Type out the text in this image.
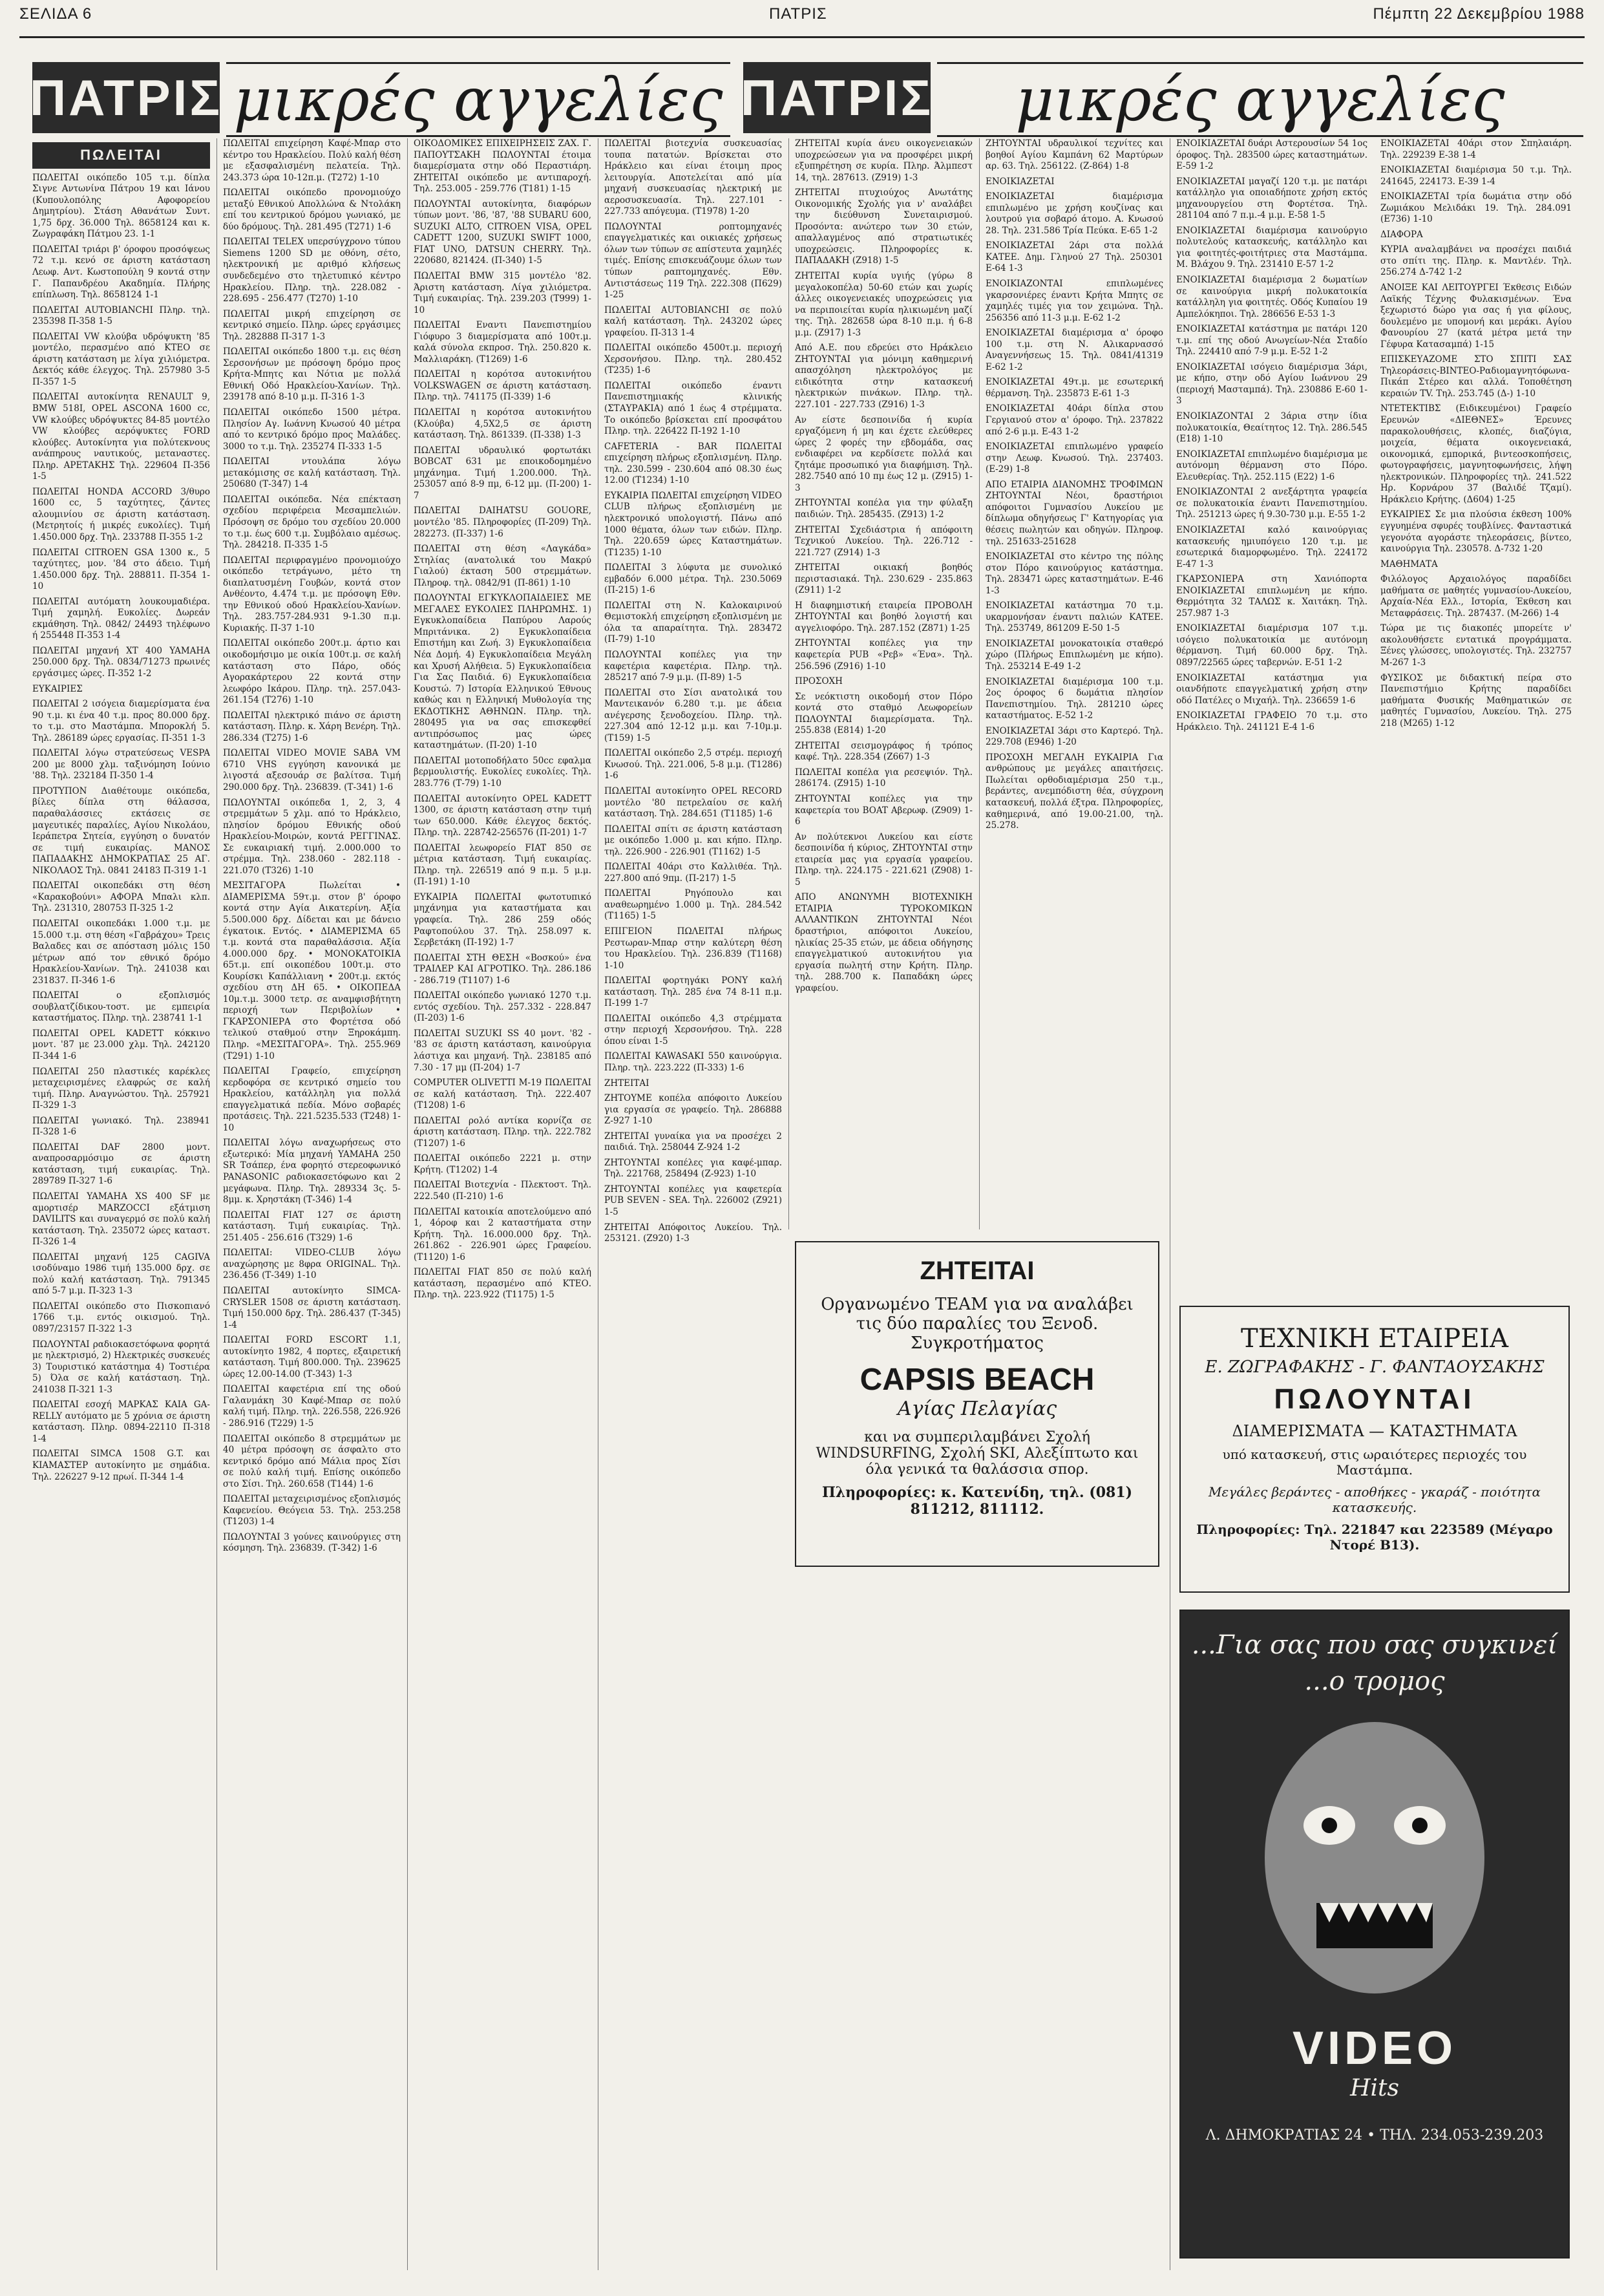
ΣΕΛΙΔΑ 6	ΠΑΤΡΙΣ	Πέμπτη 22 Δεκεμβρίου 1988
ΠΑΤΡΙΣ μικρές αγγελίες ΠΑΤΡΙΣ	μικρές αγγελίες
ΠΩΛΕΙΤΑΙ

ΠΩΛΕΙΤΑΙ οικόπεδο 105 τ.μ. δίπλα Σιγνε Αντωνίνα Πάτρου 19 και Ιάνου (Κυπουλοπόλης Αφοφορείου Δημητρίου). Στάση Αθανάτων Συντ. 1,75 δρχ. 36.000 Τηλ. 8658124 και κ. Ζωγραφάκη Πάτμου 23. 1-1

ΠΩΛΕΙΤΑΙ τριάρι β' όροφου προσόψεως 72 τ.μ. κενό σε άριστη κατάσταση Λεωφ. Αντ. Κωστοπούλη 9 κοντά στην Γ. Παπανδρέου Ακαδημία. Πλήρης επίπλωση. Τηλ. 8658124 1-1

ΠΩΛΕΙΤΑΙ AUTOBIANCHI Πληρ. τηλ. 235398 Π-358 1-5

ΠΩΛΕΙΤΑΙ VW κλούβα υδρόψυκτη '85 μοντέλο, περασμένο από ΚΤΕΟ σε άριστη κατάσταση με λίγα χιλιόμετρα. Δεκτός κάθε έλεγχος. Τηλ. 257980 3-5 Π-357 1-5

ΠΩΛΕΙΤΑΙ αυτοκίνητα RENAULT 9, BMW 518I, OPEL ASCONA 1600 cc, VW κλούβες υδρόψυκτες 84-85 μοντέλο VW κλούβες αερόψυκτες FORD κλούβες. Αυτοκίνητα για πολύτεκνους ανάπηρους ναυτικούς, μεταναστες. Πληρ. ΑΡΕΤΑΚΗΣ Τηλ. 229604 Π-356 1-5

ΠΩΛΕΙΤΑΙ HONDA ACCORD 3/θυρο 1600 cc, 5 ταχύτητες, ζάντες αλουμινίου σε άριστη κατάσταση. (Μετρητοίς ή μικρές ευκολίες). Τιμή 1.450.000 δρχ. Τηλ. 233788 Π-355 1-2

ΠΩΛΕΙΤΑΙ CITROEN GSA 1300 κ., 5 ταχύτητες, μον. '84 στο άδειο. Τιμή 1.450.000 δρχ. Τηλ. 288811. Π-354 1-10

ΠΩΛΕΙΤΑΙ αυτόματη λουκουμαδιέρα. Τιμή χαμηλή. Ευκολίες. Δωρεάν εκμάθηση. Τηλ. 0842/ 24493 τηλέφωνο ή 255448 Π-353 1-4

ΠΩΛΕΙΤΑΙ μηχανή XT 400 YAMAHA 250.000 δρχ. Τηλ. 0834/71273 πρωινές εργάσιμες ώρες. Π-352 1-2

ΕΥΚΑΙΡΙΕΣ

ΠΩΛΕΙΤΑΙ 2 ισόγεια διαμερίσματα ένα 90 τ.μ. κι ένα 40 τ.μ. προς 80.000 δρχ. το τ.μ. στο Μαστάμπα. Μποροκλή 5. Τηλ. 286189 ώρες εργασίας. Π-351 1-3

ΠΩΛΕΙΤΑΙ λόγω στρατεύσεως VESPA 200 με 8000 χλμ. ταξινόμηση Ιούνιο '88. Τηλ. 232184 Π-350 1-4

ΠΡΟΤΥΠΟΝ Διαθέτουμε οικόπεδα, βίλες δίπλα στη θάλασσα, παραθαλάσσιες εκτάσεις σε μαγευτικές παραλίες, Αγίου Νικολάου, Ιεράπετρα Σητεία, εγγύηση ο δυνατόν σε τιμή ευκαιρίας. ΜΑΝΟΣ ΠΑΠΑΔΑΚΗΣ ΔΗΜΟΚΡΑΤΙΑΣ 25 ΑΓ. ΝΙΚΟΛΑΟΣ Τηλ. 0841 24183 Π-319 1-1

ΠΩΛΕΙΤΑΙ οικοπεδάκι στη θέση «Καρακοβούνι» ΑΦΟΡΑ Μπαλι κλπ. Τηλ. 231310, 280753 Π-325 1-2

ΠΩΛΕΙΤΑΙ οικοπεδάκι 1.000 τ.μ. με 15.000 τ.μ. στη θέση «Γαβράχου» Τρεις Βαλαδες και σε απόσταση μόλις 150 μέτρων από τον εθνικό δρόμο Ηρακλείου-Χανίων. Τηλ. 241038 και 231837. Π-346 1-6

ΠΩΛΕΙΤΑΙ o εξοπλισμός σουβλατζίδικου-τοστ. με εμπειρία καταστήματος. Πληρ. τηλ. 238741 1-1

ΠΩΛΕΙΤΑΙ OPEL KADETT κόκκινο μοντ. '87 με 23.000 χλμ. Τηλ. 242120 Π-344 1-6

ΠΩΛΕΙΤΑΙ 250 πλαστικές καρέκλες μεταχειρισμένες ελαφρώς σε καλή τιμή. Πληρ. Αναγνώστου. Τηλ. 257921 Π-329 1-3

ΠΩΛΕΙΤΑΙ γωνιακό. Τηλ. 238941 Π-328 1-6

ΠΩΛΕΙΤΑΙ DAF 2800 μοντ. αναπροσαρμόσιμο σε άριστη κατάσταση, τιμή ευκαιρίας. Τηλ. 289789 Π-327 1-6

ΠΩΛΕΙΤΑΙ YAMAHA XS 400 SF με αμορτισέρ MARZOCCI εξάτμιση DAVILITS και συναγερμό σε πολύ καλή κατάσταση. Τηλ. 235072 ώρες καταστ. Π-326 1-4

ΠΩΛΕΙΤΑΙ μηχανή 125 CAGIVA ισοδύναμο 1986 τιμή 135.000 δρχ. σε πολύ καλή κατάσταση. Τηλ. 791345 από 5-7 μ.μ. Π-323 1-3

ΠΩΛΕΙΤΑΙ οικόπεδο στο Πισκοπιανό 1766 τ.μ. εντός οικισμού. Τηλ. 0897/23157 Π-322 1-3

ΠΩΛΟΥΝΤΑΙ ραδιοκασετόφωνα φορητά με ηλεκτρισμό, 2) Ηλεκτρικές συσκευές 3) Τουριστικό κατάστημα 4) Τοστιέρα 5) Όλα σε καλή κατάσταση. Τηλ. 241038 Π-321 1-3

ΠΩΛΕΙΤΑΙ εσοχή ΜΑΡΚΑΣ ΚΑΙΑ GA-RELLY αυτόματο με 5 χρόνια σε άριστη κατάσταση. Πληρ. 0894-22110 Π-318 1-4

ΠΩΛΕΙΤΑΙ SIMCA 1508 G.T. και ΚΙΑΜΑΣΤΕΡ αυτοκίνητο με σημάδια. Τηλ. 226227 9-12 πρωί. Π-344 1-4

ΠΩΛΕΙΤΑΙ επιχείρηση Καφέ-Μπαρ στο κέντρο του Ηρακλείου. Πολύ καλή θέση με εξασφαλισμένη πελατεία. Τηλ. 243.373 ώρα 10-12π.μ. (Τ272) 1-10

ΠΩΛΕΙΤΑΙ οικόπεδο προνομιούχο μεταξύ Εθνικού Απολλώνα & Ντολάκη επί του κεντρικού δρόμου γωνιακό, με δύο δρόμους. Τηλ. 281.495 (Τ271) 1-6

ΠΩΛΕΙΤΑΙ TELEX υπερσύγχρονο τύπου Siemens 1200 SD με οθόνη, σέτο, ηλεκτρονική με αριθμό κλήσεως συνδεδεμένο στο τηλετυπικό κέντρο Ηρακλείου. Πληρ. τηλ. 228.082 - 228.695 - 256.477 (Τ270) 1-10

ΠΩΛΕΙΤΑΙ μικρή επιχείρηση σε κεντρικό σημείο. Πληρ. ώρες εργάσιμες Τηλ. 282888 Π-317 1-3

ΠΩΛΕΙΤΑΙ οικόπεδο 1800 τ.μ. εις θέση Σερσονήσων με πρόσοψη δρόμο προς Κρήτα-Μπητς και Νότια με πολλά Εθνική Οδό Ηρακλείου-Χανίων. Τηλ. 239178 από 8-10 μ.μ. Π-316 1-3

ΠΩΛΕΙΤΑΙ οικόπεδο 1500 μέτρα. Πλησίον Αγ. Ιωάννη Κνωσού 40 μέτρα από το κεντρικό δρόμο προς Μαλάδες. 3000 το τ.μ. Τηλ. 235274 Π-333 1-5

ΠΩΛΕΙΤΑΙ ντουλάπα λόγω μετακόμισης σε καλή κατάσταση. Τηλ. 250680 (Τ-347) 1-4

ΠΩΛΕΙΤΑΙ οικόπεδα. Νέα επέκταση σχεδίου περιφέρεια Μεσαμπελιών. Πρόσοψη σε δρόμο του σχεδίου 20.000 το τ.μ. έως 600 τ.μ. Συμβόλαιο αμέσως. Τηλ. 284218. Π-335 1-5

ΠΩΛΕΙΤΑΙ περιφραγμένο προνομιούχο οικόπεδο τετράγωνο, μέτο τη διαπλατυσμένη Γουβών, κοντά στον Ανθέοντο, 4.474 τ.μ. με πρόσοψη Εθν. την Εθνικού οδού Ηρακλείου-Χανίων. Τηλ. 283.757-284.931 9-1.30 π.μ. Κυριακής. Π-37 1-10

ΠΩΛΕΙΤΑΙ οικόπεδο 200τ.μ. άρτιο και οικοδομήσιμο με οικία 100τ.μ. σε καλή κατάσταση στο Πάρο, οδός Αγορακάρτερου 22 κοντά στην λεωφόρο Ικάρου. Πληρ. τηλ. 257.043-261.154 (Τ276) 1-10

ΠΩΛΕΙΤΑΙ ηλεκτρικό πιάνο σε άριστη κατάσταση. Πληρ. κ. Χάρη Βενέρη. Τηλ. 286.334 (Τ275) 1-6

ΠΩΛΕΙΤΑΙ VIDEO MOVIE SABA VM 6710 VHS εγγύηση κανονικά με λιγοστά αξεσουάρ σε βαλίτσα. Τιμή 290.000 δρχ. Τηλ. 236839. (Τ-341) 1-6

ΠΩΛΟΥΝΤΑΙ οικόπεδα 1, 2, 3, 4 στρεμμάτων 5 χλμ. από το Ηράκλειο, πλησίον δρόμου Εθνικής οδού Ηρακλείου-Μοιρών, κοντά ΡΕΓΓΙΝΑΣ. Σε ευκαιριακή τιμή. 2.000.000 το στρέμμα. Τηλ. 238.060 - 282.118 - 221.070 (Τ326) 1-10

ΜΕΣΙΤΑΓΟΡΑ Πωλείται • ΔΙΑΜΕΡΙΣΜΑ 59τ.μ. στον β' όροφο κοντά στην Αγία Αικατερίνη. Αξία 5.500.000 δρχ. Δίδεται και με δάνειο έγκατοικ. Εντός. • ΔΙΑΜΕΡΙΣΜΑ 65 τ.μ. κοντά στα παραθαλάσσια. Αξία 4.000.000 δρχ. • ΜΟΝΟΚΑΤΟΙΚΙΑ 65τ.μ. επί οικοπέδου 100τ.μ. στο Κουρίσκι Καπάλλιανη • 200τ.μ. εκτός σχεδίου στη ΔΗ 65. • ΟΙΚΟΠΕΔΑ 10μ.τ.μ. 3000 τετρ. σε αναμφισβήτητη περιοχή των Περιβολίων • ΓΚΑΡΣΟΝΙΕΡΑ στο Φορτέτσα οδό τελικού σταθμού στην Ξηροκάμπη. Πληρ. «ΜΕΣΙΤΑΓΟΡΑ». Τηλ. 255.969 (Τ291) 1-10

ΠΩΛΕΙΤΑΙ Γραφείο, επιχείρηση κερδοφόρα σε κεντρικό σημείο του Ηρακλείου, κατάλληλη για πολλά επαγγελματικά πεδία. Μόνο σοβαρές προτάσεις. Τηλ. 221.5235.533 (Τ248) 1-10

ΠΩΛΕΙΤΑΙ λόγω αναχωρήσεως στο εξωτερικό: Μία μηχανή YAMAHA 250 SR Τσάπερ, ένα φορητό στερεοφωνικό PANASONIC ραδιοκασετόφωνο και 2 μεγάφωνα. Πληρ. Τηλ. 289334 3ς. 5-8μμ. κ. Χρηστάκη (Τ-346) 1-4

ΠΩΛΕΙΤΑΙ FIAT 127 σε άριστη κατάσταση. Τιμή ευκαιρίας. Τηλ. 251.405 - 256.616 (Τ329) 1-6

ΠΩΛΕΙΤΑΙ: VIDEO-CLUB λόγω αναχώρησης με 8φρα ORIGINAL. Τηλ. 236.456 (Τ-349) 1-10

ΠΩΛΕΙΤΑΙ αυτοκίνητο SIMCA-CRYSLER 1508 σε άριστη κατάσταση. Τιμή 150.000 δρχ. Τηλ. 286.437 (Τ-345) 1-4

ΠΩΛΕΙΤΑΙ FORD ESCORT 1.1, αυτοκίνητο 1982, 4 πορτες, εξαιρετική κατάσταση. Τιμή 800.000. Τηλ. 239625 ώρες 12.00-14.00 (Τ-343) 1-3

ΠΩΛΕΙΤΑΙ καφετέρια επί της οδού Γαλανμάκη 30 Καφέ-Μπαρ σε πολύ καλή τιμή. Πληρ. τηλ. 226.558, 226.926 - 286.916 (Τ229) 1-5

ΠΩΛΕΙΤΑΙ οικόπεδο 8 στρεμμάτων με 40 μέτρα πρόσοψη σε άσφαλτο στο κεντρικό δρόμο από Μάλια προς Σίσι σε πολύ καλή τιμή. Επίσης οικόπεδο στο Σίσι. Τηλ. 260.658 (Τ144) 1-6

ΠΩΛΕΙΤΑΙ μεταχειρισμένος εξοπλισμός Καφενείου. Θεόγεια 53. Τηλ. 253.258 (Τ1203) 1-4

ΠΩΛΟΥΝΤΑΙ 3 γούνες καινούργιες στη κόσμηση. Τηλ. 236839. (Τ-342) 1-6

ΟΙΚΟΔΟΜΙΚΕΣ ΕΠΙΧΕΙΡΗΣΕΙΣ ΖΑΧ. Γ. ΠΑΠΟΥΤΣΑΚΗ ΠΩΛΟΥΝΤΑΙ έτοιμα διαμερίσματα στην οδό Περαστιάρη. ΖΗΤΕΙΤΑΙ οικόπεδο με αντιπαροχή. Τηλ. 253.005 - 259.776 (Τ181) 1-15

ΠΩΛΟΥΝΤΑΙ αυτοκίνητα, διαφόρων τύπων μοντ. '86, '87, '88 SUBARU 600, SUZUKI ALTO, CITROEN VISA, OPEL CADETT 1200, SUZUKI SWIFT 1000, FIAT UNO, DATSUN CHERRY. Τηλ. 220680, 821424. (Π-340) 1-5

ΠΩΛΕΙΤΑΙ BMW 315 μοντέλο '82. Άριστη κατάσταση. Λίγα χιλιόμετρα. Τιμή ευκαιρίας. Τηλ. 239.203 (Τ999) 1-10

ΠΩΛΕΙΤΑΙ Εναντι Πανεπιστημίου Γιόφυρο 3 διαμερίσματα από 100τ.μ. καλά σύνολα εκπροσ. Τηλ. 250.820 κ. Μαλλιαράκη. (Τ1269) 1-6

ΠΩΛΕΙΤΑΙ η κορότσα αυτοκινήτου VOLKSWAGEN σε άριστη κατάσταση. Πληρ. τηλ. 741175 (Π-339) 1-6

ΠΩΛΕΙΤΑΙ η κορότσα αυτοκινήτου (Κλούβα) 4,5Χ2,5 σε άριστη κατάσταση. Τηλ. 861339. (Π-338) 1-3

ΠΩΛΕΙΤΑΙ υδραυλικό φορτωτάκι BOBCAT 631 με εποικοδομημένο μηχάνημα. Τιμή 1.200.000. Τηλ. 253057 από 8-9 πμ, 6-12 μμ. (Π-200) 1-7

ΠΩΛΕΙΤΑΙ DAIHATSU GOUORE, μοντέλο '85. Πληροφορίες (Π-209) Τηλ. 282273. (Π-337) 1-6

ΠΩΛΕΙΤΑΙ στη θέση «Λαγκάδα» Στηλίας (ανατολικά του Μακρύ Γιαλού) έκταση 500 στρεμμάτων. Πληροφ. τηλ. 0842/91 (Π-861) 1-10

ΠΩΛΟΥΝΤΑΙ ΕΓΚΥΚΛΟΠΑΙΔΕΙΕΣ ΜΕ ΜΕΓΑΛΕΣ ΕΥΚΟΛΙΕΣ ΠΛΗΡΩΜΗΣ. 1) Εγκυκλοπαίδεια Παπύρου Λαρούς Μπριτάνικα. 2) Εγκυκλοπαίδεια Επιστήμη και Ζωή. 3) Εγκυκλοπαίδεια Νέα Δομή. 4) Εγκυκλοπαίδεια Μεγάλη και Χρυσή Αλήθεια. 5) Εγκυκλοπαίδεια Για Σας Παιδιά. 6) Εγκυκλοπαίδεια Κουστώ. 7) Ιστορία Ελληνικού Έθνους καθώς και η Ελληνική Μυθολογία της ΕΚΔΟΤΙΚΗΣ ΑΘΗΝΩΝ. Πληρ. τηλ. 280495 για να σας επισκεφθεί αντιπρόσωπος μας ώρες καταστημάτων. (Π-20) 1-10

ΠΩΛΕΙΤΑΙ μοτοποδήλατο 50cc εφαλμα βερμουλιστής. Ευκολίες ευκολίες. Τηλ. 283.776 (Τ-79) 1-10

ΠΩΛΕΙΤΑΙ αυτοκίνητο OPEL KADETT 1300, σε άριστη κατάσταση στην τιμή των 650.000. Κάθε έλεγχος δεκτός. Πληρ. τηλ. 228742-256576 (Π-201) 1-7

ΠΩΛΕΙΤΑΙ λεωφορείο FIAT 850 σε μέτρια κατάσταση. Τιμή ευκαιρίας. Πληρ. τηλ. 226519 από 9 π.μ. 5 μ.μ. (Π-191) 1-10

ΕΥΚΑΙΡΙΑ ΠΩΛΕΙΤΑΙ φωτοτυπικό μηχάνημα για καταστήματα και γραφεία. Τηλ. 286 259 οδός Ραφτοπούλου 37. Τηλ. 258.097 κ. Σερβετάκη (Π-192) 1-7

ΠΩΛΕΙΤΑΙ ΣΤΗ ΘΕΣΗ «Βοσκού» ένα ΤΡΑΙΛΕΡ ΚΑΙ ΑΓΡΟΤΙΚΟ. Τηλ. 286.186 - 286.719 (Τ1107) 1-6

ΠΩΛΕΙΤΑΙ οικόπεδο γωνιακό 1270 τ.μ. εντός σχεδίου. Τηλ. 257.332 - 228.847 (Π-203) 1-6

ΠΩΛΕΙΤΑΙ SUZUKI SS 40 μοντ. '82 - '83 σε άριστη κατάσταση, καινούργια λάστιχα και μηχανή. Τηλ. 238185 από 7.30 - 17 μμ (Π-204) 1-7

COMPUTER OLIVETTI M-19 ΠΩΛΕΙΤΑΙ σε καλή κατάσταση. Τηλ. 222.407 (Τ1208) 1-6

ΠΩΛΕΙΤΑΙ ρολό αντίκα κορνίζα σε άριστη κατάσταση. Πληρ. τηλ. 222.782 (Τ1207) 1-6

ΠΩΛΕΙΤΑΙ οικόπεδο 2221 μ. στην Κρήτη. (Τ1202) 1-4

ΠΩΛΕΙΤΑΙ Βιοτεχνία - Πλεκτοστ. Τηλ. 222.540 (Π-210) 1-6

ΠΩΛΕΙΤΑΙ κατοικία αποτελούμενο από 1, 4όροφ και 2 καταστήματα στην Κρήτη. Τηλ. 16.000.000 δρχ. Τηλ. 261.862 - 226.901 ώρες Γραφείου. (Τ1120) 1-6

ΠΩΛΕΙΤΑΙ FIAT 850 σε πολύ καλή κατάσταση, περασμένο από ΚΤΕΟ. Πληρ. τηλ. 223.922 (Τ1175) 1-5

ΠΩΛΕΙΤΑΙ βιοτεχνία συσκευασίας τουπα πατατών. Βρίσκεται στο Ηράκλειο και είναι έτοιμη προς λειτουργία. Αποτελείται από μία μηχανή συσκευασίας ηλεκτρική με αεροσυσκευασία. Τηλ. 227.101 - 227.733 απόγευμα. (Τ1978) 1-20

ΠΩΛΟΥΝΤΑΙ ροπτομηχανές επαγγελματικές και οικιακές χρήσεως όλων των τύπων σε απίστευτα χαμηλές τιμές. Επίσης επισκευάζουμε όλων των τύπων ραπτομηχανές. Εθν. Αντιστάσεως 119 Τηλ. 222.308 (Π629) 1-25

ΠΩΛΕΙΤΑΙ AUTOBIANCHI σε πολύ καλή κατάσταση. Τηλ. 243202 ώρες γραφείου. Π-313 1-4

ΠΩΛΕΙΤΑΙ οικόπεδο 4500τ.μ. περιοχή Χερσονήσου. Πληρ. τηλ. 280.452 (Τ235) 1-6

ΠΩΛΕΙΤΑΙ οικόπεδο έναντι Πανεπιστημιακής κλινικής (ΣΤΑΥΡΑΚΙΑ) από 1 έως 4 στρέμματα. Το οικόπεδο βρίσκεται επί προσφάτου Πληρ. τηλ. 226422 Π-192 1-10

CAFETERIA - BAR ΠΩΛΕΙΤΑΙ επιχείρηση πλήρως εξοπλισμένη. Πληρ. τηλ. 230.599 - 230.604 από 08.30 έως 12.00 (Τ1234) 1-10

ΕΥΚΑΙΡΙΑ ΠΩΛΕΙΤΑΙ επιχείρηση VIDEO CLUB πλήρως εξοπλισμένη με ηλεκτρονικό υπολογιστή. Πάνω από 1000 θέματα, όλων των ειδών. Πληρ. Τηλ. 220.659 ώρες Καταστημάτων. (Τ1235) 1-10

ΠΩΛΕΙΤΑΙ 3 λύφυτα με συνολικό εμβαδόν 6.000 μέτρα. Τηλ. 230.5069 (Π-215) 1-6

ΠΩΛΕΙΤΑΙ στη Ν. Καλοκαιρινού Θεμιστοκλή επιχείρηση εξοπλισμένη με όλα τα απαραίτητα. Τηλ. 283472 (Π-79) 1-10

ΠΩΛΟΥΝΤΑΙ κοπέλες για την καφετέρια καφετέρια. Πληρ. τηλ. 285217 από 7-9 μ.μ. (Π-89) 1-5

ΠΩΛΕΙΤΑΙ στο Σίσι ανατολικά του Μαντεικανόν 6.280 τ.μ. με άδεια ανέγερσης ξενοδοχείου. Πληρ. τηλ. 227.304 από 12-12 μ.μ. και 7-10μ.μ. (Τ159) 1-5

ΠΩΛΕΙΤΑΙ οικόπεδο 2,5 στρέμ. περιοχή Κνωσού. Τηλ. 221.006, 5-8 μ.μ. (Τ1286) 1-6

ΠΩΛΕΙΤΑΙ αυτοκίνητο OPEL RECORD μοντέλο '80 πετρελαίου σε καλή κατάσταση. Τηλ. 284.651 (Τ1185) 1-6

ΠΩΛΕΙΤΑΙ σπίτι σε άριστη κατάσταση με οικόπεδο 1.000 μ. και κήπο. Πληρ. τηλ. 226.900 - 226.901 (Τ1162) 1-5

ΠΩΛΕΙΤΑΙ 40άρι στο Καλλιθέα. Τηλ. 227.800 από 9πμ. (Π-217) 1-5

ΠΩΛΕΙΤΑΙ Ρηγόπουλο και αναθεωρημένο 1.000 μ. Τηλ. 284.542 (Τ1165) 1-5

ΕΠΙΓΕΙΟΝ ΠΩΛΕΙΤΑΙ πλήρως Ρεστωραν-Μπαρ στην καλύτερη θέση του Ηρακλείου. Τηλ. 236.839 (Τ1168) 1-10

ΠΩΛΕΙΤΑΙ φορτηγάκι PONY καλή κατάσταση. Τηλ. 285 ένα 74 8-11 π.μ. Π-199 1-7

ΠΩΛΕΙΤΑΙ οικόπεδο 4,3 στρέμματα στην περιοχή Χερσονήσου. Τηλ. 228 όπου είναι 1-5

ΠΩΛΕΙΤΑΙ KAWASAKI 550 καινούργια. Πληρ. τηλ. 223.222 (Π-333) 1-6

ΖΗΤΕΙΤΑΙ

ΖΗΤΟΥΜΕ κοπέλα απόφοιτο Λυκείου για εργασία σε γραφείο. Τηλ. 286888 Ζ-927 1-10

ΖΗΤΕΙΤΑΙ γυναίκα για να προσέχει 2 παιδιά. Τηλ. 258044 Ζ-924 1-2

ΖΗΤΟΥΝΤΑΙ κοπέλες για καφέ-μπαρ. Τηλ. 221768, 258494 (Ζ-923) 1-10

ΖΗΤΟΥΝΤΑΙ κοπέλες για καφετερία PUB SEVEN - SEA. Τηλ. 226002 (Ζ921) 1-5

ΖΗΤΕΙΤΑΙ Απόφοιτος Λυκείου. Τηλ. 253121. (Ζ920) 1-3

ΖΗΤΕΙΤΑΙ κυρία άνευ οικογενειακών υποχρεώσεων για να προσφέρει μικρή εξυπηρέτηση σε κυρία. Πληρ. Άλμπεστ 14, τηλ. 287613. (Ζ919) 1-3

ΖΗΤΕΙΤΑΙ πτυχιούχος Ανωτάτης Οικονομικής Σχολής για ν' αναλάβει την διεύθυνση Συνεταιρισμού. Προσόντα: ανώτερο των 30 ετών, απαλλαγμένος από στρατιωτικές υποχρεώσεις. Πληροφορίες κ. ΠΑΠΑΔΑΚΗ (Ζ918) 1-5

ΖΗΤΕΙΤΑΙ κυρία υγιής (γύρω 8 μεγαλοκοπέλα) 50-60 ετών και χωρίς άλλες οικογενειακές υποχρεώσεις για να περιποιείται κυρία ηλικιωμένη μαζί της. Τηλ. 282658 ώρα 8-10 π.μ. ή 6-8 μ.μ. (Ζ917) 1-3

Από Α.Ε. που εδρεύει στο Ηράκλειο ΖΗΤΟΥΝΤΑΙ για μόνιμη καθημερινή απασχόληση ηλεκτρολόγος με ειδικότητα στην κατασκευή ηλεκτρικών πινάκων. Πληρ. τηλ. 227.101 - 227.733 (Ζ916) 1-3

Αν είστε δεσποινίδα ή κυρία εργαζόμενη ή μη και έχετε ελεύθερες ώρες 2 φορές την εβδομάδα, σας ενδιαφέρει να κερδίσετε πολλά και ζητάμε προσωπικό για διαφήμιση. Τηλ. 282.7540 από 10 πμ έως 12 μ. (Ζ915) 1-3

ΖΗΤΟΥΝΤΑΙ κοπέλα για την φύλαξη παιδιών. Τηλ. 285435. (Ζ913) 1-2

ΖΗΤΕΙΤΑΙ Σχεδιάστρια ή απόφοιτη Τεχνικού Λυκείου. Τηλ. 226.712 - 221.727 (Ζ914) 1-3

ΖΗΤΕΙΤΑΙ οικιακή βοηθός περιστασιακά. Τηλ. 230.629 - 235.863 (Ζ911) 1-2

Η διαφημιστική εταιρεία ΠΡΟΒΟΛΗ ΖΗΤΟΥΝΤΑΙ και βοηθό λογιστή και αγγελιοφόρο. Τηλ. 287.152 (Ζ871) 1-25

ΖΗΤΟΥΝΤΑΙ κοπέλες για την καφετερία PUB «Ρεβ» «Ένα». Τηλ. 256.596 (Ζ916) 1-10

ΠΡΟΣΟΧΗ

Σε νεόκτιστη οικοδομή στον Πόρο κοντά στο σταθμό Λεωφορείων ΠΩΛΟΥΝΤΑΙ διαμερίσματα. Τηλ. 255.838 (Ε814) 1-20

ΖΗΤΕΙΤΑΙ σεισμογράφος ή τρόπος καφέ. Τηλ. 228.354 (Ζ667) 1-3

ΠΩΛΕΙΤΑΙ κοπέλα για ρεσεψιόν. Τηλ. 286174. (Ζ915) 1-10

ΖΗΤΟΥΝΤΑΙ κοπέλες για την καφετερία του BOAT Αβερωφ. (Ζ909) 1-6

Αν πολύτεκνοι Λυκείου και είστε δεσποινίδα ή κύριος, ΖΗΤΟΥΝΤΑΙ στην εταιρεία μας για εργασία γραφείου. Πληρ. τηλ. 224.175 - 221.621 (Ζ908) 1-5

ΑΠΟ ΑΝΩΝΥΜΗ ΒΙΟΤΕΧΝΙΚΗ ΕΤΑΙΡΙΑ ΤΥΡΟΚΟΜΙΚΩΝ ΑΛΛΑΝΤΙΚΩΝ ΖΗΤΟΥΝΤΑΙ Νέοι δραστήριοι, απόφοιτοι Λυκείου, ηλικίας 25-35 ετών, με άδεια οδήγησης επαγγελματικού αυτοκινήτου για εργασία πωλητή στην Κρήτη. Πληρ. τηλ. 288.700 κ. Παπαδάκη ώρες γραφείου.

ΖΗΤΟΥΝΤΑΙ υδραυλικοί τεχνίτες και βοηθοί Αγίου Καμπάνη 62 Μαρτύρων αρ. 63. Τηλ. 256122. (Ζ-864) 1-8

ΕΝΟΙΚΙΑΖΕΤΑΙ

ΕΝΟΙΚΙΑΖΕΤΑΙ διαμέρισμα επιπλωμένο με χρήση κουζίνας και λουτρού για σοβαρό άτομο. Α. Κνωσού 28. Τηλ. 231.586 Τρία Πεύκα. Ε-65 1-2

ΕΝΟΙΚΙΑΖΕΤΑΙ 2άρι στα πολλά ΚΑΤΕΕ. Δημ. Γληνού 27 Τηλ. 250301 Ε-64 1-3

ΕΝΟΙΚΙΑΖΟΝΤΑΙ επιπλωμένες γκαρσονιέρες έναντι Κρήτα Μπητς σε χαμηλές τιμές για τον χειμώνα. Τηλ. 256356 από 11-3 μ.μ. Ε-62 1-2

ΕΝΟΙΚΙΑΖΕΤΑΙ διαμέρισμα α' όροφο 100 τ.μ. στη Ν. Αλικαρνασσό Αναγεννήσεως 15. Τηλ. 0841/41319 Ε-62 1-2

ΕΝΟΙΚΙΑΖΕΤΑΙ 49τ.μ. με εσωτερική θέρμανση. Τηλ. 235873 Ε-61 1-3

ΕΝΟΙΚΙΑΖΕΤΑΙ 40άρι δίπλα στου Γεργιανού στον α' όροφο. Τηλ. 237822 από 2-6 μ.μ. Ε-43 1-2

ΕΝΟΙΚΙΑΖΕΤΑΙ επιπλωμένο γραφείο στην Λεωφ. Κνωσού. Τηλ. 237403. (Ε-29) 1-8

ΑΠΟ ΕΤΑΙΡΙΑ ΔΙΑΝΟΜΗΣ ΤΡΟΦΙΜΩΝ ΖΗΤΟΥΝΤΑΙ Νέοι, δραστήριοι απόφοιτοι Γυμνασίου Λυκείου με δίπλωμα οδηγήσεως Γ' Κατηγορίας για θέσεις πωλητών και οδηγών. Πληροφ. τηλ. 251633-251628

ΕΝΟΙΚΙΑΖΕΤΑΙ στο κέντρο της πόλης στον Πόρο καινούργιος κατάστημα. Τηλ. 283471 ώρες καταστημάτων. Ε-46 1-3

ΕΝΟΙΚΙΑΖΕΤΑΙ κατάστημα 70 τ.μ. υκαρμονήσαν έναντι παλιών ΚΑΤΕΕ. Τηλ. 253749, 861209 Ε-50 1-5

ΕΝΟΙΚΙΑΖΕΤΑΙ μονοκατοικία σταθερό χώρο (Πλήρως Επιπλωμένη με κήπο). Τηλ. 253214 Ε-49 1-2

ΕΝΟΙΚΙΑΖΕΤΑΙ διαμέρισμα 100 τ.μ. 2ος όροφος 6 δωμάτια πλησίον Πανεπιστημίου. Τηλ. 281210 ώρες καταστήματος. Ε-52 1-2

ΕΝΟΙΚΙΑΖΕΤΑΙ 3άρι στο Καρτερό. Τηλ. 229.708 (Ε946) 1-20

ΠΡΟΣΟΧΗ ΜΕΓΑΛΗ ΕΥΚΑΙΡΙΑ Για ανθρώπους με μεγάλες απαιτήσεις. Πωλείται ορθοδιαμέρισμα 250 τ.μ., βεράντες, ανεμπόδιστη θέα, σύγχρονη κατασκευή, πολλά έξτρα. Πληροφορίες, καθημερινά, από 19.00-21.00, τηλ. 25.278.

ΕΝΟΙΚΙΑΖΕΤΑΙ δυάρι Αστερουσίων 54 1ος όροφος. Τηλ. 283500 ώρες καταστημάτων. Ε-59 1-2

ΕΝΟΙΚΙΑΖΕΤΑΙ μαγαζί 120 τ.μ. με πατάρι κατάλληλο για οποιαδήποτε χρήση εκτός μηχανουργείου στη Φορτέτσα. Τηλ. 281104 από 7 π.μ.-4 μ.μ. Ε-58 1-5

ΕΝΟΙΚΙΑΖΕΤΑΙ διαμέρισμα καινούργιο πολυτελούς κατασκευής, κατάλληλο και για φοιτητές-φοιτήτριες στα Μαστάμπα. Μ. Βλάχου 9. Τηλ. 231410 Ε-57 1-2

ΕΝΟΙΚΙΑΖΕΤΑΙ διαμέρισμα 2 δωματίων σε καινούργια μικρή πολυκατοικία κατάλληλη για φοιτητές. Οδός Κυπαίου 19 Αμπελόκηποι. Τηλ. 286656 Ε-53 1-3

ΕΝΟΙΚΙΑΖΕΤΑΙ κατάστημα με πατάρι 120 τ.μ. επί της οδού Ανωγείων-Νέα Σταδίο Τηλ. 224410 από 7-9 μ.μ. Ε-52 1-2

ΕΝΟΙΚΙΑΖΕΤΑΙ ισόγειο διαμέρισμα 3άρι, με κήπο, στην οδό Αγίου Ιωάννου 29 (περιοχή Μασταμπά). Τηλ. 230886 Ε-60 1-3

ΕΝΟΙΚΙΑΖΟΝΤΑΙ 2 3άρια στην ίδια πολυκατοικία, Θεαίτητος 12. Τηλ. 286.545 (Ε18) 1-10

ΕΝΟΙΚΙΑΖΕΤΑΙ επιπλωμένο διαμέρισμα με αυτόνομη θέρμανση στο Πόρο. Ελευθερίας. Τηλ. 252.115 (Ε22) 1-6

ΕΝΟΙΚΙΑΖΟΝΤΑΙ 2 ανεξάρτητα γραφεία σε πολυκατοικία έναντι Πανεπιστημίου. Τηλ. 251213 ώρες ή 9.30-730 μ.μ. Ε-55 1-2

ΕΝΟΙΚΙΑΖΕΤΑΙ καλό καινούργιας κατασκευής ημιυπόγειο 120 τ.μ. με εσωτερικά διαμορφωμένο. Τηλ. 224172 Ε-47 1-3

ΓΚΑΡΣΟΝΙΕΡΑ στη Χανιόπορτα ΕΝΟΙΚΙΑΖΕΤΑΙ επιπλωμένη με κήπο. Θερμότητα 32 ΤΑΛΩΣ κ. Χαιτάκη. Τηλ. 257.987 1-3

ΕΝΟΙΚΙΑΖΕΤΑΙ διαμέρισμα 107 τ.μ. ισόγειο πολυκατοικία με αυτόνομη θέρμανση. Τιμή 60.000 δρχ. Τηλ. 0897/22565 ώρες ταβερνών. Ε-51 1-2

ΕΝΟΙΚΙΑΖΕΤΑΙ κατάστημα για οιανδήποτε επαγγελματική χρήση στην οδό Πατέλες ο Μιχαήλ. Τηλ. 236659 1-6

ΕΝΟΙΚΙΑΖΕΤΑΙ ΓΡΑΦΕΙΟ 70 τ.μ. στο Ηράκλειο. Τηλ. 241121 Ε-4 1-6

ΕΝΟΙΚΙΑΖΕΤΑΙ 40άρι στον Σπηλαιάρη. Τηλ. 229239 Ε-38 1-4

ΕΝΟΙΚΙΑΖΕΤΑΙ διαμέρισμα 50 τ.μ. Τηλ. 241645, 224173. Ε-39 1-4

ΕΝΟΙΚΙΑΖΕΤΑΙ τρία δωμάτια στην οδό Ζωμιάκου Μελιδάκι 19. Τηλ. 284.091 (Ε736) 1-10

ΔΙΑΦΟΡΑ

ΚΥΡΙΑ αναλαμβάνει να προσέχει παιδιά στο σπίτι της. Πληρ. κ. Μαντλέν. Τηλ. 256.274 Δ-742 1-2

ΑΝΟΙΞΕ ΚΑΙ ΛΕΙΤΟΥΡΓΕΙ Έκθεσις Ειδών Λαϊκής Τέχνης Φυλακισμένων. Ένα ξεχωριστό δώρο για σας ή για φίλους, δουλεμένο με υπομονή και μεράκι. Αγίου Φανουρίου 27 (κατά μέτρα μετά την Γέφυρα Κατασαμπά) 1-15

ΕΠΙΣΚΕΥΑΖΟΜΕ ΣΤΟ ΣΠΙΤΙ ΣΑΣ Τηλεοράσεις-ΒΙΝΤΕΟ-Ραδιομαγνητόφωνα-Πικάπ Στέρεο και αλλά. Τοποθέτηση κεραιών TV. Τηλ. 253.745 (Δ-) 1-10

ΝΤΕΤΕΚΤΙΒΣ (Ειδικευμένοι) Γραφείο Ερευνών «ΔΙΕΘΝΕΣ» Έρευνες παρακολουθήσεις, κλοπές, διαζύγια, μοιχεία, θέματα οικογενειακά, οικονομικά, εμπορικά, βιντεοσκοπήσεις, φωτογραφήσεις, μαγνητοφωνήσεις, λήψη ηλεκτρονικών. Πληροφορίες τηλ. 241.522 Ηρ. Κορνάρου 37 (Βαλιδέ Τζαμί). Ηράκλειο Κρήτης. (Δ604) 1-25

ΕΥΚΑΙΡΙΕΣ Σε μια πλούσια έκθεση 100% εγγυημένα σφυρές τουβλίνες. Φανταστικά γεγονότα αγοράστε τηλεοράσεις, βίντεο, καινούργια Τηλ. 230578. Δ-732 1-20

ΜΑΘΗΜΑΤΑ

Φιλόλογος Αρχαιολόγος παραδίδει μαθήματα σε μαθητές γυμνασίου-Λυκείου, Αρχαία-Νέα Ελλ., Ιστορία, Έκθεση και Μεταφράσεις. Τηλ. 287437. (Μ-266) 1-4

Τώρα με τις διακοπές μπορείτε ν' ακολουθήσετε εντατικά προγράμματα. Ξένες γλώσσες, υπολογιστές. Τηλ. 232757 Μ-267 1-3

ΦΥΣΙΚΟΣ με διδακτική πείρα στο Πανεπιστήμιο Κρήτης παραδίδει μαθήματα Φυσικής Μαθηματικών σε μαθητές Γυμνασίου, Λυκείου. Τηλ. 275 218 (Μ265) 1-12

ΖΗΤΕΙΤΑΙ
Οργανωμένο TEAM για να αναλάβει τις δύο παραλίες του Ξενοδ. Συγκροτήματος
CAPSIS BEACH
Αγίας Πελαγίας
και να συμπεριλαμβάνει Σχολή WINDSURFING, Σχολή SKI, Αλεξίπτωτο και όλα γενικά τα θαλάσσια σπορ.
Πληροφορίες: κ. Κατενίδη, τηλ. (081) 811212, 811112.
ΤΕΧΝΙΚΗ ΕΤΑΙΡΕΙΑ
Ε. ΖΩΓΡΑΦΑΚΗΣ - Γ. ΦΑΝΤΑΟΥΣΑΚΗΣ
ΠΩΛΟΥΝΤΑΙ
ΔΙΑΜΕΡΙΣΜΑΤΑ — ΚΑΤΑΣΤΗΜΑΤΑ
υπό κατασκευή, στις ωραιότερες περιοχές του Μαστάμπα.
Μεγάλες βεράντες - αποθήκες - γκαράζ - ποιότητα κατασκευής.
Πληροφορίες: Τηλ. 221847 και 223589 (Μέγαρο Ντορέ Β13).
...Για σας που σας συγκινεί
...ο τρομος
VIDEO
Hits
Λ. ΔΗΜΟΚΡΑΤΙΑΣ 24 • ΤΗΛ. 234.053-239.203
